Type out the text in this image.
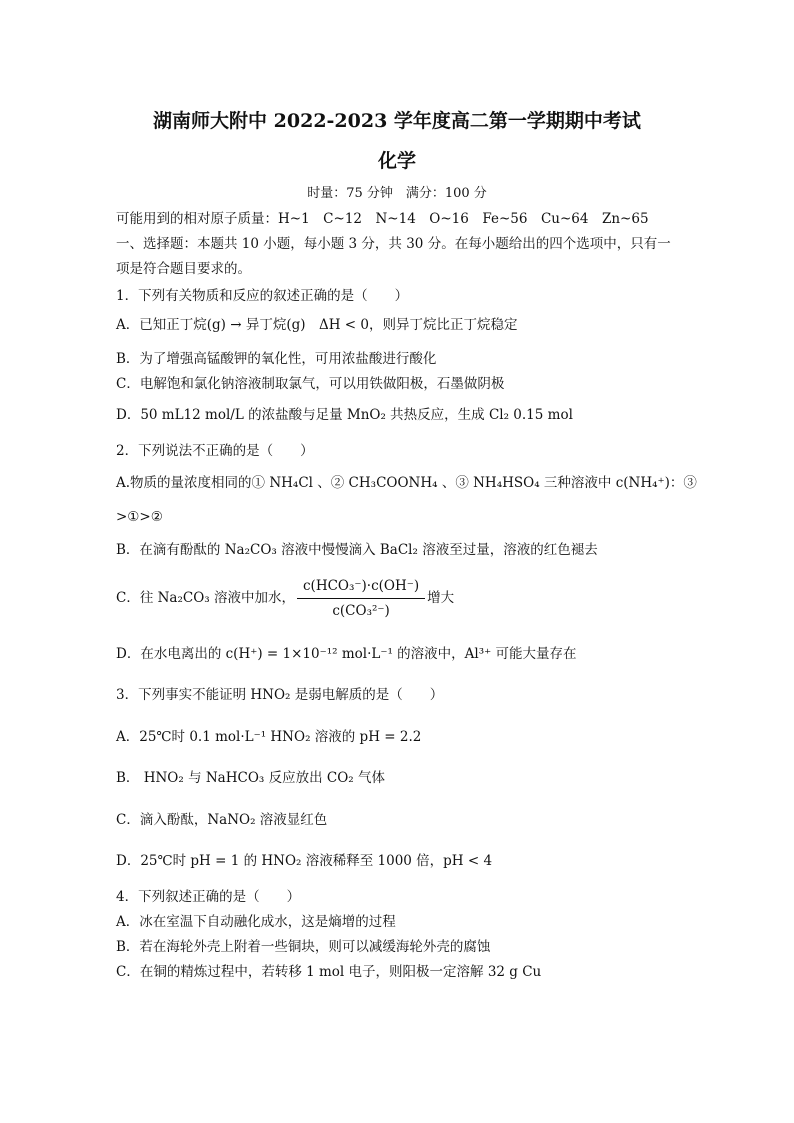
湖南师大附中 2022-2023 学年度高二第一学期期中考试
化学
时量：75 分钟　满分：100 分
可能用到的相对原子质量：H~1　C~12　N~14　O~16　Fe~56　Cu~64　Zn~65
一、选择题：本题共 10 小题，每小题 3 分，共 30 分。在每小题给出的四个选项中，只有一
项是符合题目要求的。
1．下列有关物质和反应的叙述正确的是（　　）
A．已知正丁烷(g) → 异丁烷(g)　ΔH < 0，则异丁烷比正丁烷稳定
B．为了增强高锰酸钾的氧化性，可用浓盐酸进行酸化
C．电解饱和氯化钠溶液制取氯气，可以用铁做阳极，石墨做阴极
D．50 mL12 mol/L 的浓盐酸与足量 MnO₂ 共热反应，生成 Cl₂ 0.15 mol
2．下列说法不正确的是（　　）
A.物质的量浓度相同的① NH₄Cl 、② CH₃COONH₄ 、③ NH₄HSO₄ 三种溶液中 c(NH₄⁺)：③
>①>②
B．在滴有酚酞的 Na₂CO₃ 溶液中慢慢滴入 BaCl₂ 溶液至过量，溶液的红色褪去
C．往 Na₂CO₃ 溶液中加水， $\frac{\text{c(HCO₃⁻)·c(OH⁻)}}{\text{c(CO₃²⁻)}}$ 增大
D．在水电离出的 c(H⁺) = 1×10⁻¹² mol·L⁻¹ 的溶液中，Al³⁺ 可能大量存在
3．下列事实不能证明 HNO₂ 是弱电解质的是（　　）
A．25℃时 0.1 mol·L⁻¹ HNO₂ 溶液的 pH = 2.2
B． HNO₂ 与 NaHCO₃ 反应放出 CO₂ 气体
C．滴入酚酞，NaNO₂ 溶液显红色
D．25℃时 pH = 1 的 HNO₂ 溶液稀释至 1000 倍，pH < 4
4．下列叙述正确的是（　　）
A．冰在室温下自动融化成水，这是熵增的过程
B．若在海轮外壳上附着一些铜块，则可以减缓海轮外壳的腐蚀
C．在铜的精炼过程中，若转移 1 mol 电子，则阳极一定溶解 32 g Cu
